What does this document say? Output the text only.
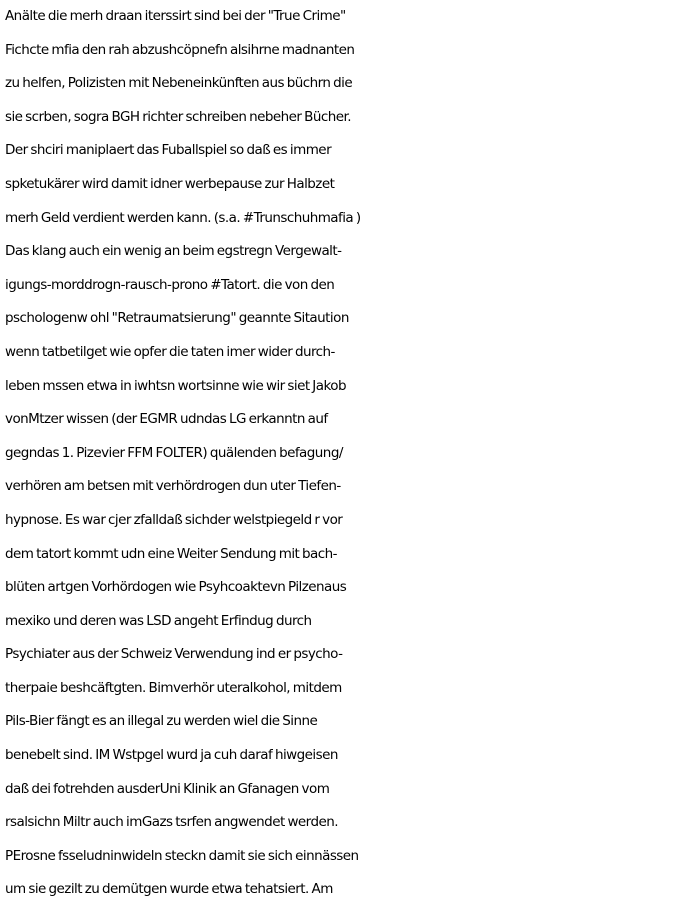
Anälte die merh draan iterssirt sind bei der "True Crime"
Fichcte mfia den rah abzushcöpnefn alsihrne madnanten
zu helfen, Polizisten mit Nebeneinkünften aus büchrn die
sie scrben, sogra BGH richter schreiben nebeher Bücher.
Der shciri maniplaert das Fuballspiel so daß es immer
spketukärer wird damit idner werbepause zur Halbzet
merh Geld verdient werden kann. (s.a. #Trunschuhmafia )
Das klang auch ein wenig an beim egstregn Vergewalt-
igungs-morddrogn-rausch-prono #Tatort. die von den
pschologenw ohl "Retraumatsierung" geannte Sitaution
wenn tatbetilget wie opfer die taten imer wider durch-
leben mssen etwa in iwhtsn wortsinne wie wir siet Jakob
vonMtzer wissen (der EGMR udndas LG erkanntn auf
gegndas 1. Pizevier FFM FOLTER) quälenden befagung/
verhören am betsen mit verhördrogen dun uter Tiefen-
hypnose. Es war cjer zfalldaß sichder welstpiegeld r vor
dem tatort kommt udn eine Weiter Sendung mit bach-
blüten artgen Vorhördogen wie Psyhcoaktevn Pilzenaus
mexiko und deren was LSD angeht Erfindug durch
Psychiater aus der Schweiz Verwendung ind er psycho-
therpaie beshcäftgten. Bimverhör uteralkohol, mitdem
Pils-Bier fängt es an illegal zu werden wiel die Sinne
benebelt sind. IM Wstpgel wurd ja cuh daraf hiwgeisen
daß dei fotrehden ausderUni Klinik an Gfanagen vom
rsalsichn Miltr auch imGazs tsrfen angwendet werden.
PErosne fsseludninwideln steckn damit sie sich einnässen
um sie gezilt zu demütgen wurde etwa tehatsiert. Am
